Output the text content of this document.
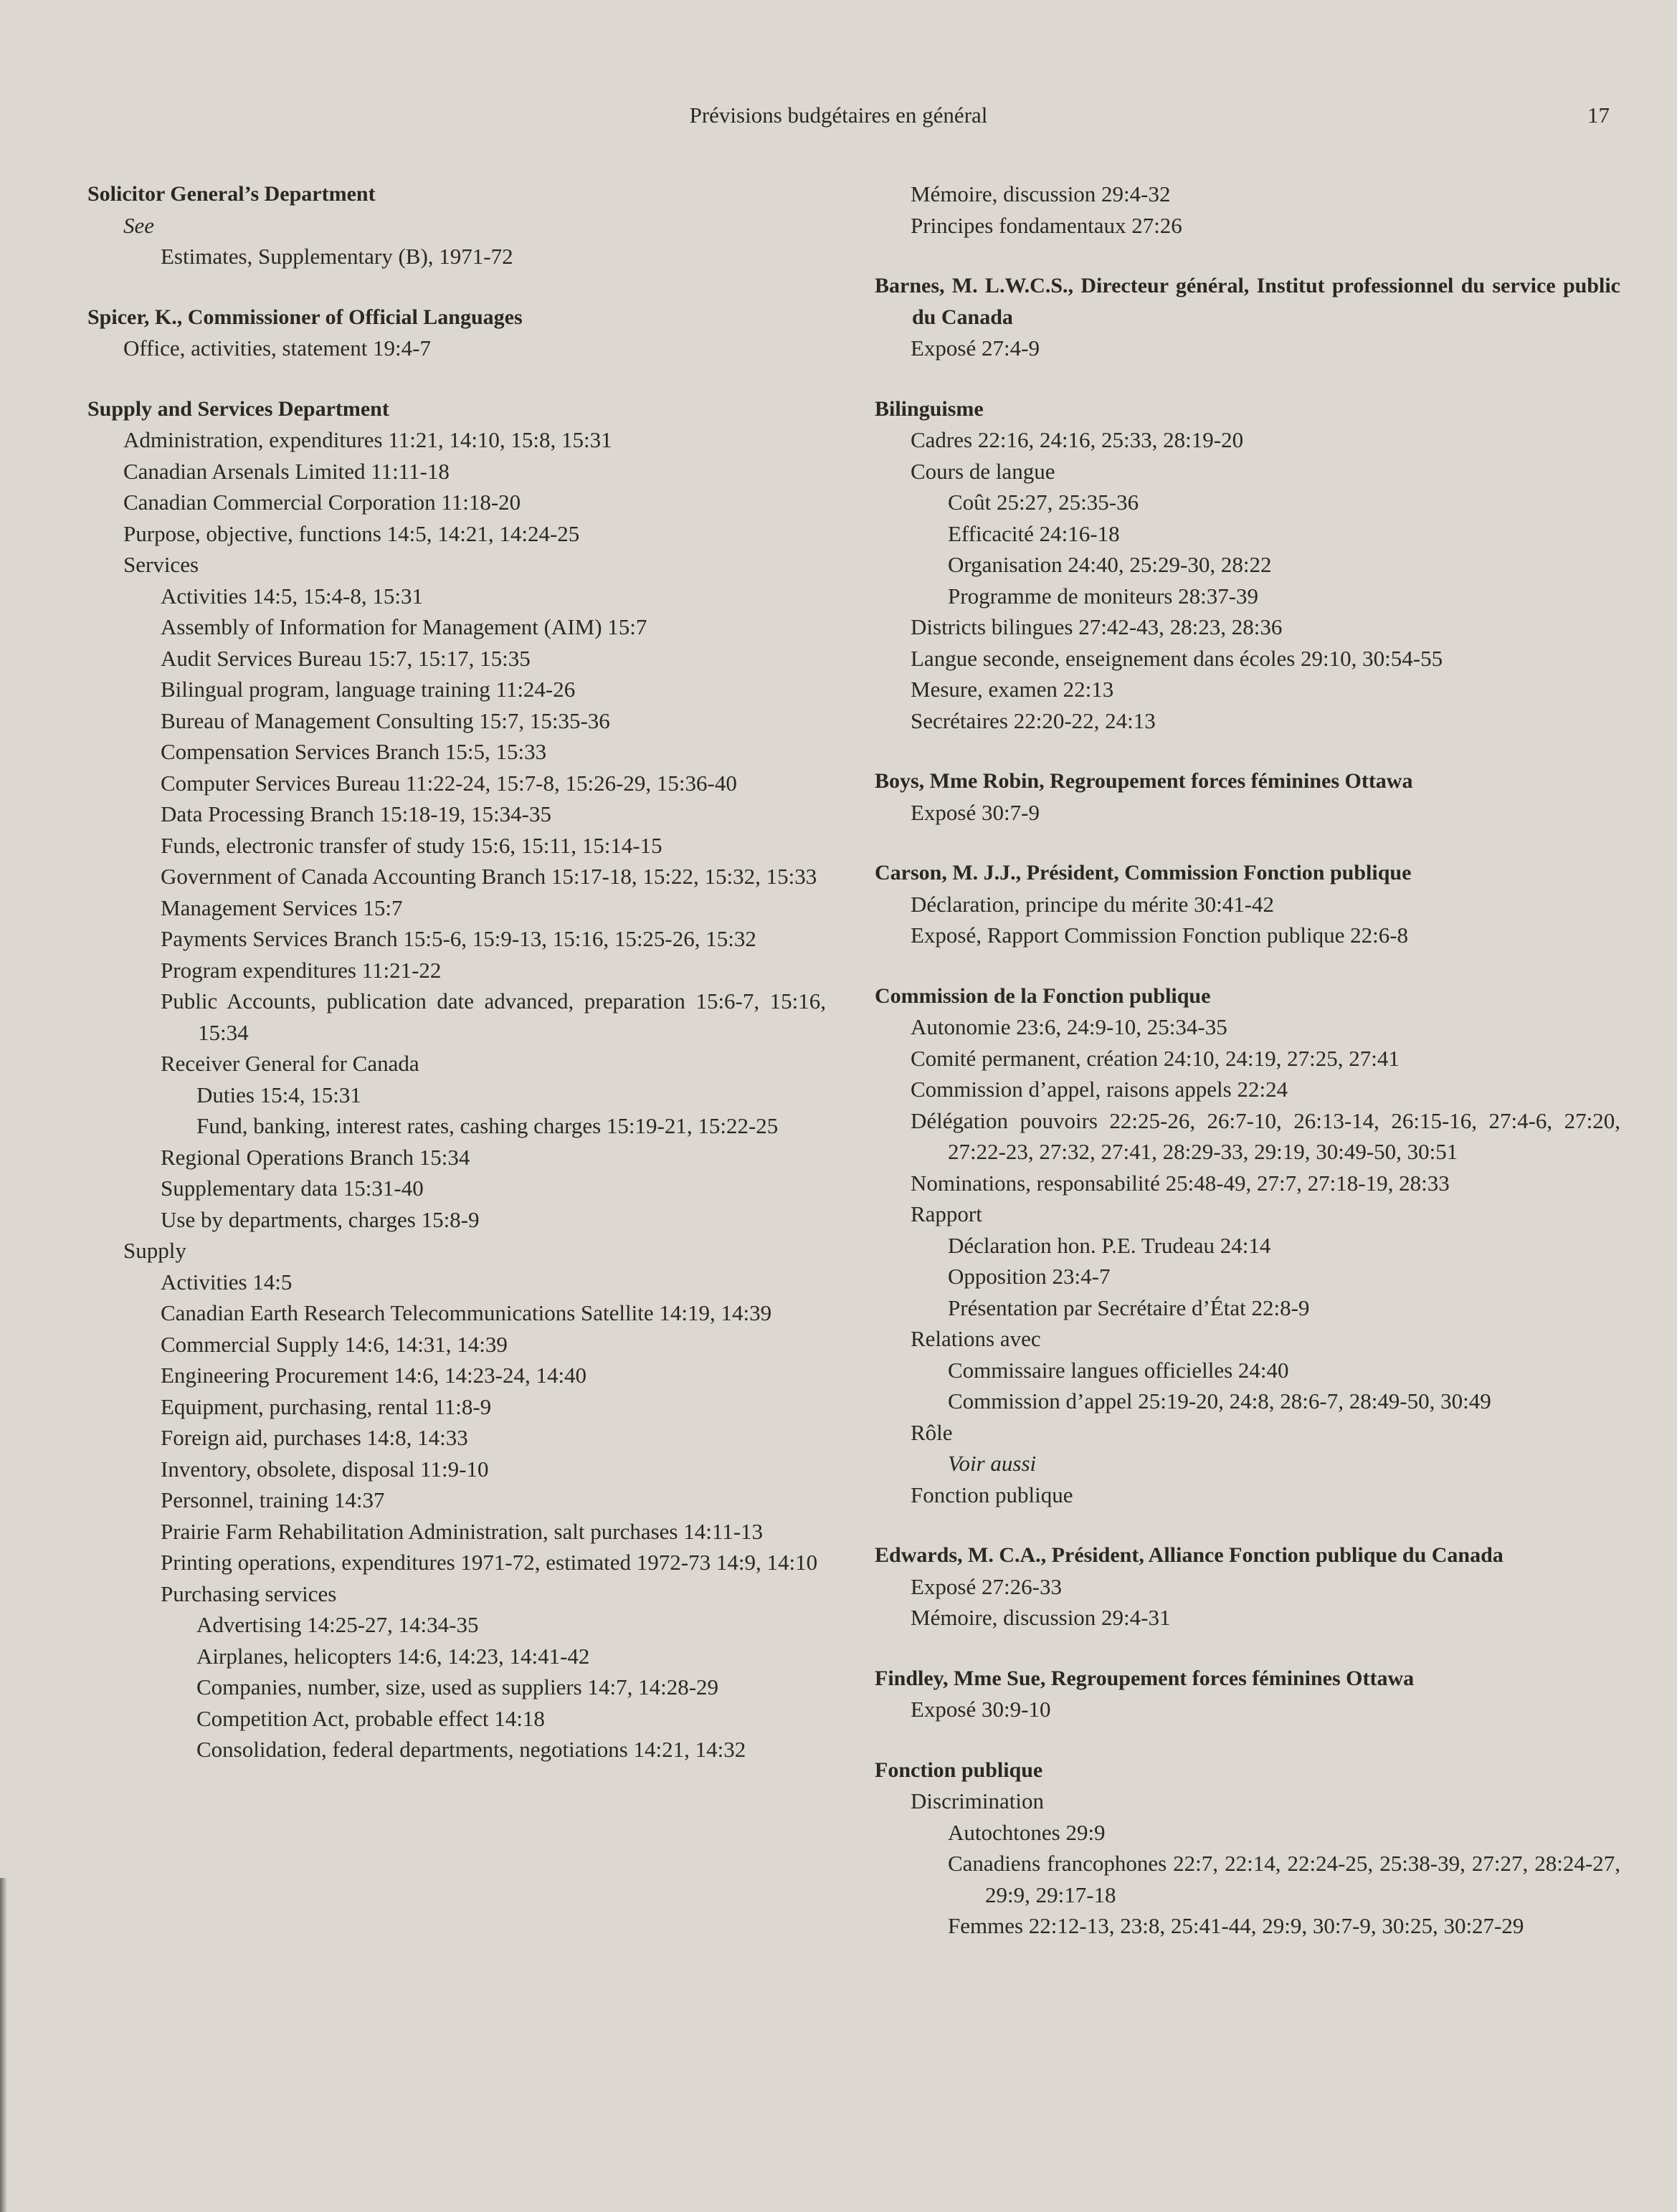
Prévisions budgétaires en général	17
Solicitor General’s Department
See
Estimates, Supplementary (B), 1971-72
Spicer, K., Commissioner of Official Languages
Office, activities, statement 19:4-7
Supply and Services Department
Administration, expenditures 11:21, 14:10, 15:8, 15:31
Canadian Arsenals Limited 11:11-18
Canadian Commercial Corporation 11:18-20
Purpose, objective, functions 14:5, 14:21, 14:24-25
Services
Activities 14:5, 15:4-8, 15:31
Assembly of Information for Management (AIM) 15:7
Audit Services Bureau 15:7, 15:17, 15:35
Bilingual program, language training 11:24-26
Bureau of Management Consulting 15:7, 15:35-36
Compensation Services Branch 15:5, 15:33
Computer Services Bureau 11:22-24, 15:7-8, 15:26-29, 15:36-40
Data Processing Branch 15:18-19, 15:34-35
Funds, electronic transfer of study 15:6, 15:11, 15:14-15
Government of Canada Accounting Branch 15:17-18, 15:22, 15:32, 15:33
Management Services 15:7
Payments Services Branch 15:5-6, 15:9-13, 15:16, 15:25-26, 15:32
Program expenditures 11:21-22
Public Accounts, publication date advanced, preparation 15:6-7, 15:16, 15:34
Receiver General for Canada
Duties 15:4, 15:31
Fund, banking, interest rates, cashing charges 15:19-21, 15:22-25
Regional Operations Branch 15:34
Supplementary data 15:31-40
Use by departments, charges 15:8-9
Supply
Activities 14:5
Canadian Earth Research Telecommunications Satellite 14:19, 14:39
Commercial Supply 14:6, 14:31, 14:39
Engineering Procurement 14:6, 14:23-24, 14:40
Equipment, purchasing, rental 11:8-9
Foreign aid, purchases 14:8, 14:33
Inventory, obsolete, disposal 11:9-10
Personnel, training 14:37
Prairie Farm Rehabilitation Administration, salt purchases 14:11-13
Printing operations, expenditures 1971-72, estimated 1972-73 14:9, 14:10
Purchasing services
Advertising 14:25-27, 14:34-35
Airplanes, helicopters 14:6, 14:23, 14:41-42
Companies, number, size, used as suppliers 14:7, 14:28-29
Competition Act, probable effect 14:18
Consolidation, federal departments, negotiations 14:21, 14:32
Mémoire, discussion 29:4-32
Principes fondamentaux 27:26
Barnes, M. L.W.C.S., Directeur général, Institut professionnel du service public du Canada
Exposé 27:4-9
Bilinguisme
Cadres 22:16, 24:16, 25:33, 28:19-20
Cours de langue
Coût 25:27, 25:35-36
Efficacité 24:16-18
Organisation 24:40, 25:29-30, 28:22
Programme de moniteurs 28:37-39
Districts bilingues 27:42-43, 28:23, 28:36
Langue seconde, enseignement dans écoles 29:10, 30:54-55
Mesure, examen 22:13
Secrétaires 22:20-22, 24:13
Boys, Mme Robin, Regroupement forces féminines Ottawa
Exposé 30:7-9
Carson, M. J.J., Président, Commission Fonction publique
Déclaration, principe du mérite 30:41-42
Exposé, Rapport Commission Fonction publique 22:6-8
Commission de la Fonction publique
Autonomie 23:6, 24:9-10, 25:34-35
Comité permanent, création 24:10, 24:19, 27:25, 27:41
Commission d’appel, raisons appels 22:24
Délégation pouvoirs 22:25-26, 26:7-10, 26:13-14, 26:15-16, 27:4-6, 27:20, 27:22-23, 27:32, 27:41, 28:29-33, 29:19, 30:49-50, 30:51
Nominations, responsabilité 25:48-49, 27:7, 27:18-19, 28:33
Rapport
Déclaration hon. P.E. Trudeau 24:14
Opposition 23:4-7
Présentation par Secrétaire d’État 22:8-9
Relations avec
Commissaire langues officielles 24:40
Commission d’appel 25:19-20, 24:8, 28:6-7, 28:49-50, 30:49
Rôle
Voir aussi
Fonction publique
Edwards, M. C.A., Président, Alliance Fonction publique du Canada
Exposé 27:26-33
Mémoire, discussion 29:4-31
Findley, Mme Sue, Regroupement forces féminines Ottawa
Exposé 30:9-10
Fonction publique
Discrimination
Autochtones 29:9
Canadiens francophones 22:7, 22:14, 22:24-25, 25:38-39, 27:27, 28:24-27, 29:9, 29:17-18
Femmes 22:12-13, 23:8, 25:41-44, 29:9, 30:7-9, 30:25, 30:27-29
